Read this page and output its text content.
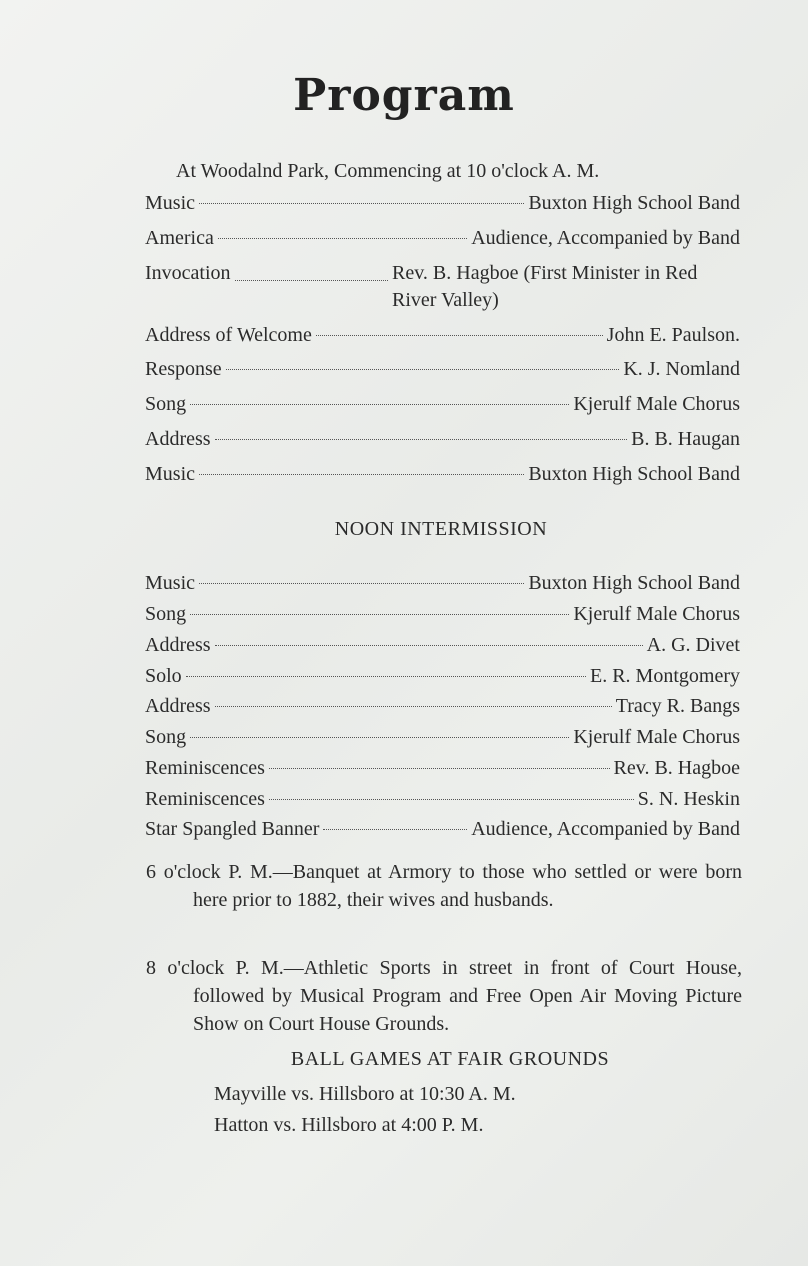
Program
At Woodalnd Park, Commencing at 10 o'clock A. M.
Music	Buxton High School Band
America	Audience, Accompanied by Band
Invocation	Rev. B. Hagboe (First Minister in Red River Valley)
Address of Welcome	John E. Paulson.
Response	K. J. Nomland
Song	Kjerulf Male Chorus
Address	B. B. Haugan
Music	Buxton High School Band
NOON INTERMISSION
Music	Buxton High School Band
Song	Kjerulf Male Chorus
Address	A. G. Divet
Solo	E. R. Montgomery
Address	Tracy R. Bangs
Song	Kjerulf Male Chorus
Reminiscences	Rev. B. Hagboe
Reminiscences	S. N. Heskin
Star Spangled Banner	Audience, Accompanied by Band
6 o'clock P. M.—Banquet at Armory to those who settled or were born here prior to 1882, their wives and husbands.
8 o'clock P. M.—Athletic Sports in street in front of Court House, followed by Musical Program and Free Open Air Moving Picture Show on Court House Grounds.
BALL GAMES AT FAIR GROUNDS
Mayville vs. Hillsboro at 10:30 A. M.
Hatton vs. Hillsboro at 4:00 P. M.
